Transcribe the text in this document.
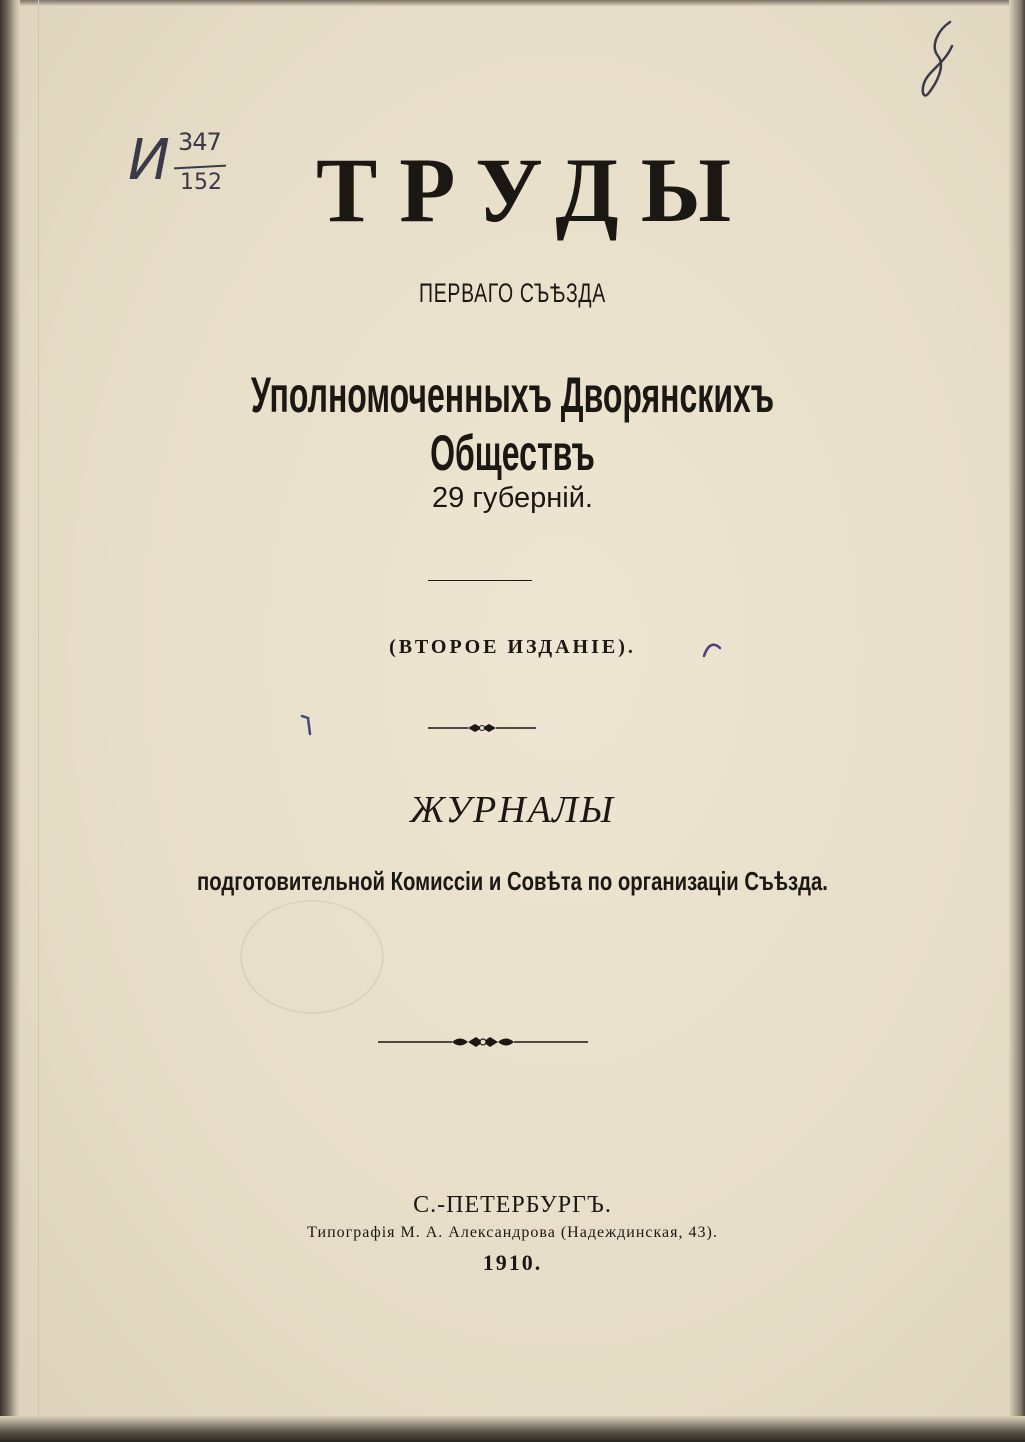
И 347
152	ТРУДЫ
ПЕРВАГО СЪѢЗДА
Уполномоченныхъ Дворянскихъ Обществъ
29 губерній.
(ВТОРОЕ ИЗДАНІЕ).
ЖУРНАЛЫ
подготовительной Комиссіи и Совѣта по организаціи Съѣзда.
С.-ПЕТЕРБУРГЪ.
Типографія М. А. Александрова (Надеждинская, 43).
1910.
